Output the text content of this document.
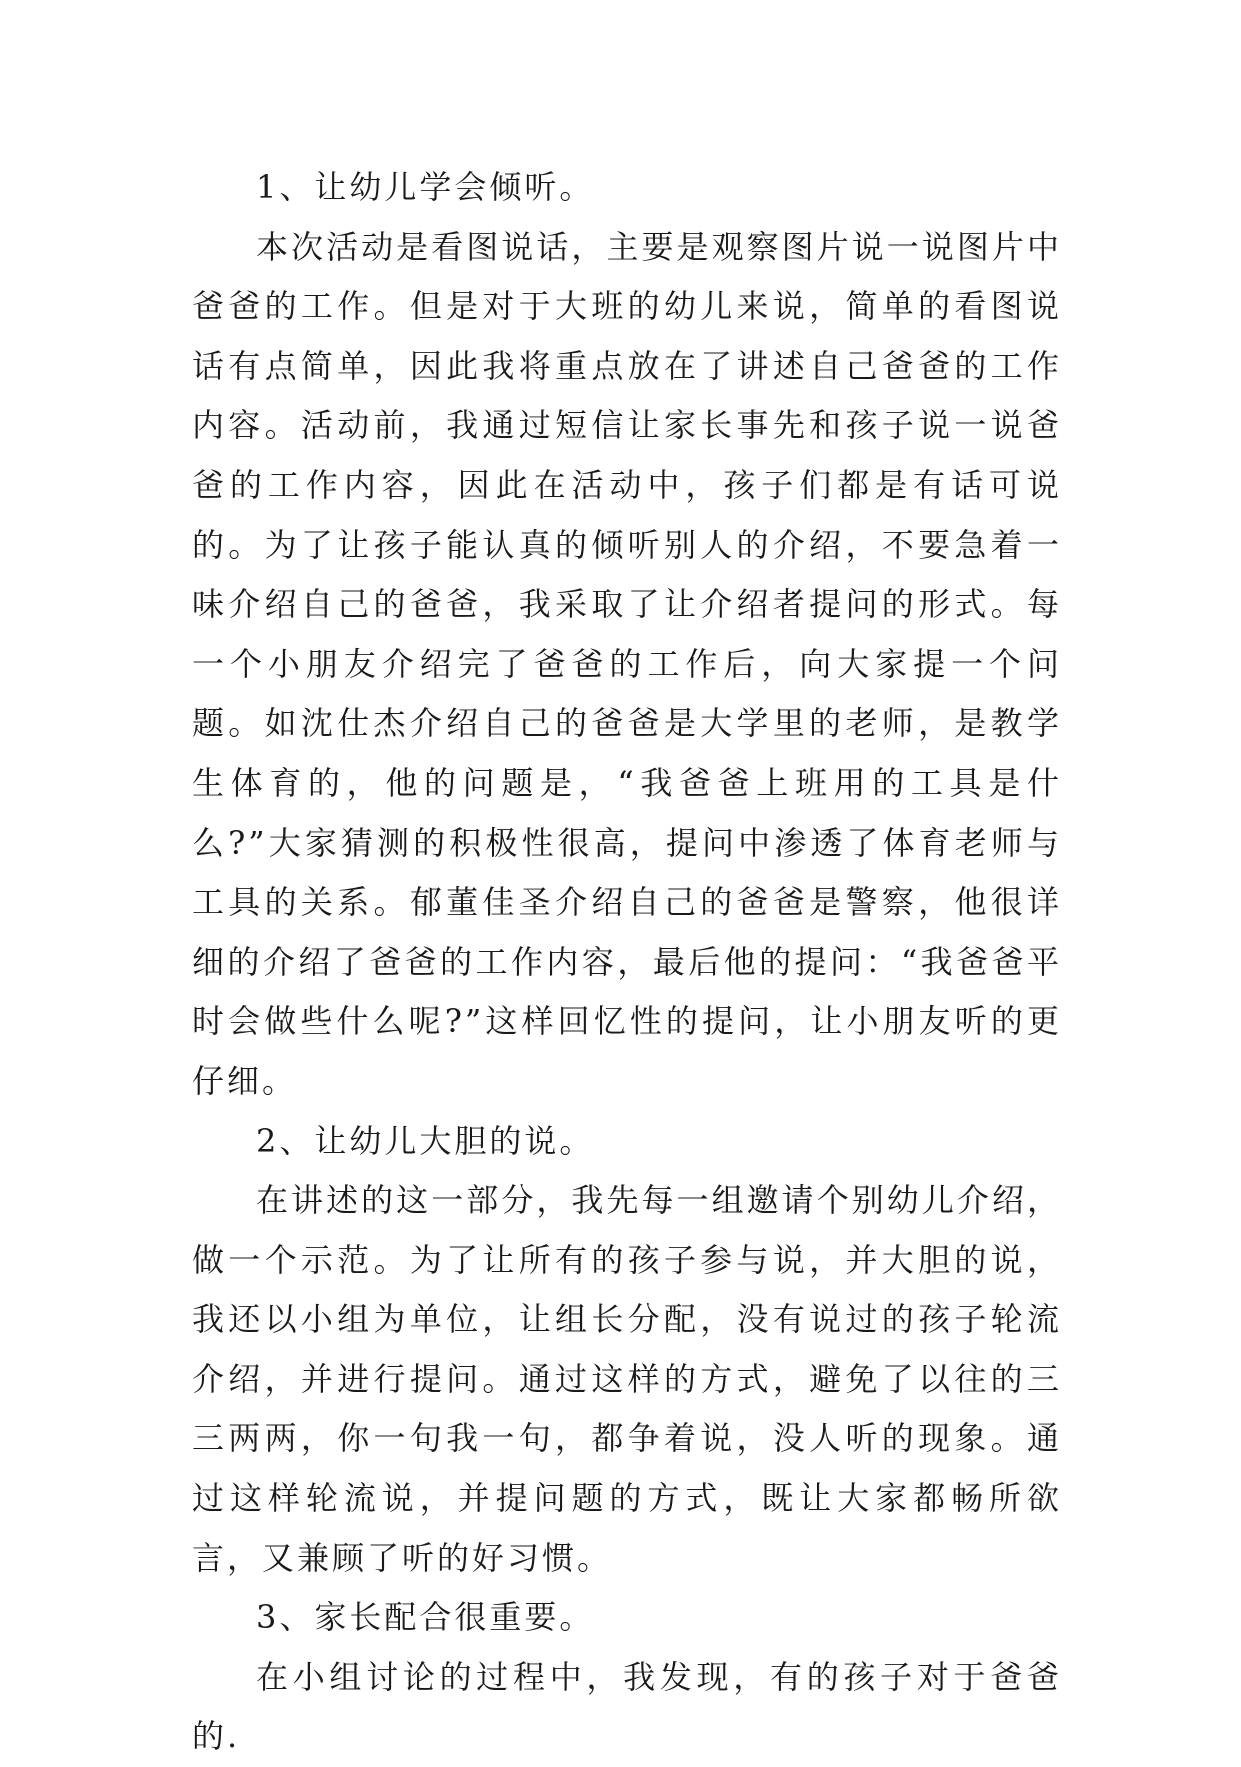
1、让幼儿学会倾听。

本次活动是看图说话，主要是观察图片说一说图片中爸爸的工作。但是对于大班的幼儿来说，简单的看图说话有点简单，因此我将重点放在了讲述自己爸爸的工作内容。活动前，我通过短信让家长事先和孩子说一说爸爸的工作内容，因此在活动中，孩子们都是有话可说的。为了让孩子能认真的倾听别人的介绍，不要急着一味介绍自己的爸爸，我采取了让介绍者提问的形式。每一个小朋友介绍完了爸爸的工作后，向大家提一个问题。如沈仕杰介绍自己的爸爸是大学里的老师，是教学生体育的，他的问题是，“我爸爸上班用的工具是什么?”大家猜测的积极性很高，提问中渗透了体育老师与工具的关系。郁董佳圣介绍自己的爸爸是警察，他很详细的介绍了爸爸的工作内容，最后他的提问：“我爸爸平时会做些什么呢?”这样回忆性的提问，让小朋友听的更仔细。

2、让幼儿大胆的说。

在讲述的这一部分，我先每一组邀请个别幼儿介绍，做一个示范。为了让所有的孩子参与说，并大胆的说，我还以小组为单位，让组长分配，没有说过的孩子轮流介绍，并进行提问。通过这样的方式，避免了以往的三三两两，你一句我一句，都争着说，没人听的现象。通过这样轮流说，并提问题的方式，既让大家都畅所欲言，又兼顾了听的好习惯。

3、家长配合很重要。

在小组讨论的过程中，我发现，有的孩子对于爸爸的.
